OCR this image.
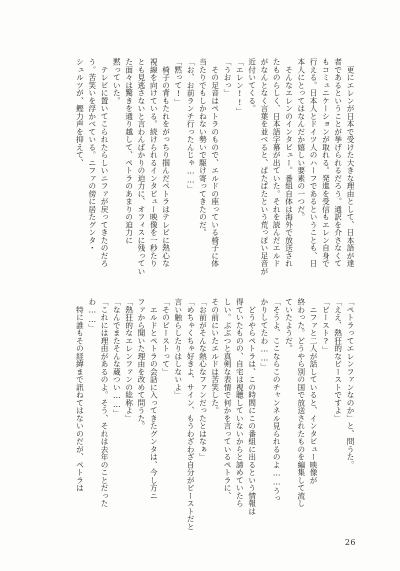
　更にエレンが日本で受けた大きな理由として、日本語が達
者であるということが挙げられるだろう。通訳を介さなくて
もコミュニケーションが取れる。発進を受信もエレン自身で
行える。日本人とドイツ人のハーフであるということも、日
本人にとってはなんだか嬉しい要素の一つだ。
　そんなエレンのインタビュー。番組自体は海外で放送され
たものらしく、日本語字幕が出ていた。それを読んだエルド
がなんとなく言葉を並べると、ぱたぱたという荒っぽい足音が
近付いてくる。
「エレン!!」
「うおっ」
　その足音はペトラのもので、エルドの座っている椅子に体
当たりでもしかねない勢いで駆け寄ってきたのだ。
「お、お前ランチ行ったんじゃ……」
「黙って!」
　椅子の背もたれをがっちり掴んだペトラはテレビに熱心な
視線を向けている。続けられるインタビュー映像を一秒たり
とも見逃さないと言わんばかりの迫力に、オフィスに残ってい
た面々は驚きを通り越して、ペトラのあまりの迫力に
黙っていた。
　テレビに置いてこられたらしいニファが戻ってきたのだろ
う。苦笑いを浮かべている。ニファの傍に居たグンタ・
シュルツが、鰹力声を抑えて、
「ペトラってエレンファンなのか」と、問うた。
「ええ、熱狂的なビーストですよ」
「ビースト?」
　ニファと二人が話していると、インタビュー映像が
終わった。どうやら別の国で放送されたものを編集して流し
ていたようだ。
「そうよ、ここならこのチャンネル見られるのよ……うっ
かりしてたわ……」
　どうやらペトラは、この時間にこの番組に出るという情報は
得ていたものの、自宅は視聴していないからと諦めていたら
しい。ぶぶつと真剣な表情で何かを言っているペトラに、
その前にいたエルドは苦笑した。
「お前がそんな熱心なファンだったとはなぁ」
「めちゃくちゃ好きよ、サイン、もうわざわざ自分がビーストだと
言い触らしたりはしないよ」
「そのビーストって」
　エルドとペトラの会話に入ってきたグンタは、今し方ニ
ファから聞いた理由を改めて問うた。
「熱狂的なエレンファンの総称よ」
「なんでまたそんな蔵つい……」
「これには理由があるのよ。そう、それは去年のことだった
わ……」
　特に誰もその経緯まで訊ねてはないのだが、ペトラは
26
